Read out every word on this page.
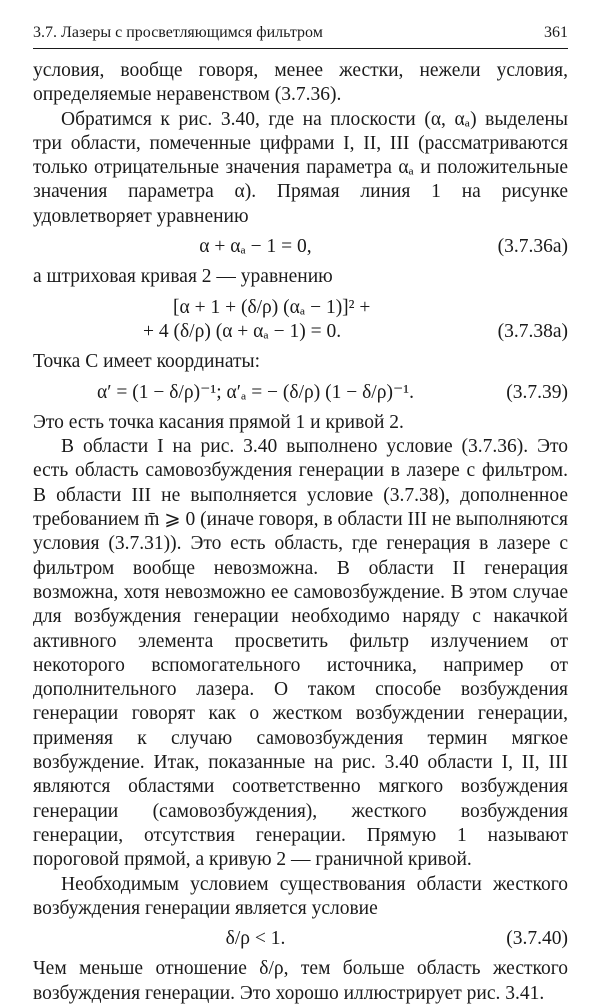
3.7. Лазеры с просветляющимся фильтром	361

условия, вообще говоря, менее жестки, нежели условия, определяемые неравенством (3.7.36).

Обратимся к рис. 3.40, где на плоскости (α, αₐ) выделены три области, помеченные цифрами I, II, III (рассматриваются только отрицательные значения параметра αₐ и положительные значения параметра α). Прямая линия 1 на рисунке удовлетворяет уравнению

α + αₐ − 1 = 0,	(3.7.36а)

а штриховая кривая 2 — уравнению

[α + 1 + (δ/ρ) (αₐ − 1)]² +
+ 4 (δ/ρ) (α + αₐ − 1) = 0.	(3.7.38а)

Точка C имеет координаты:

α′ = (1 − δ/ρ)⁻¹; α′ₐ = − (δ/ρ) (1 − δ/ρ)⁻¹.	(3.7.39)

Это есть точка касания прямой 1 и кривой 2.

В области I на рис. 3.40 выполнено условие (3.7.36). Это есть область самовозбуждения генерации в лазере с фильтром. В области III не выполняется условие (3.7.38), дополненное требованием m̄ ⩾ 0 (иначе говоря, в области III не выполняются условия (3.7.31)). Это есть область, где генерация в лазере с фильтром вообще невозможна. В области II генерация возможна, хотя невозможно ее самовозбуждение. В этом случае для возбуждения генерации необходимо наряду с накачкой активного элемента просветить фильтр излучением от некоторого вспомогательного источника, например от дополнительного лазера. О таком способе возбуждения генерации говорят как о жестком возбуждении генерации, применяя к случаю самовозбуждения термин мягкое возбуждение. Итак, показанные на рис. 3.40 области I, II, III являются областями соответственно мягкого возбуждения генерации (самовозбуждения), жесткого возбуждения генерации, отсутствия генерации. Прямую 1 называют пороговой прямой, а кривую 2 — граничной кривой.

Необходимым условием существования области жесткого возбуждения генерации является условие

δ/ρ < 1.	(3.7.40)

Чем меньше отношение δ/ρ, тем больше область жесткого возбуждения генерации. Это хорошо иллюстрирует рис. 3.41.
